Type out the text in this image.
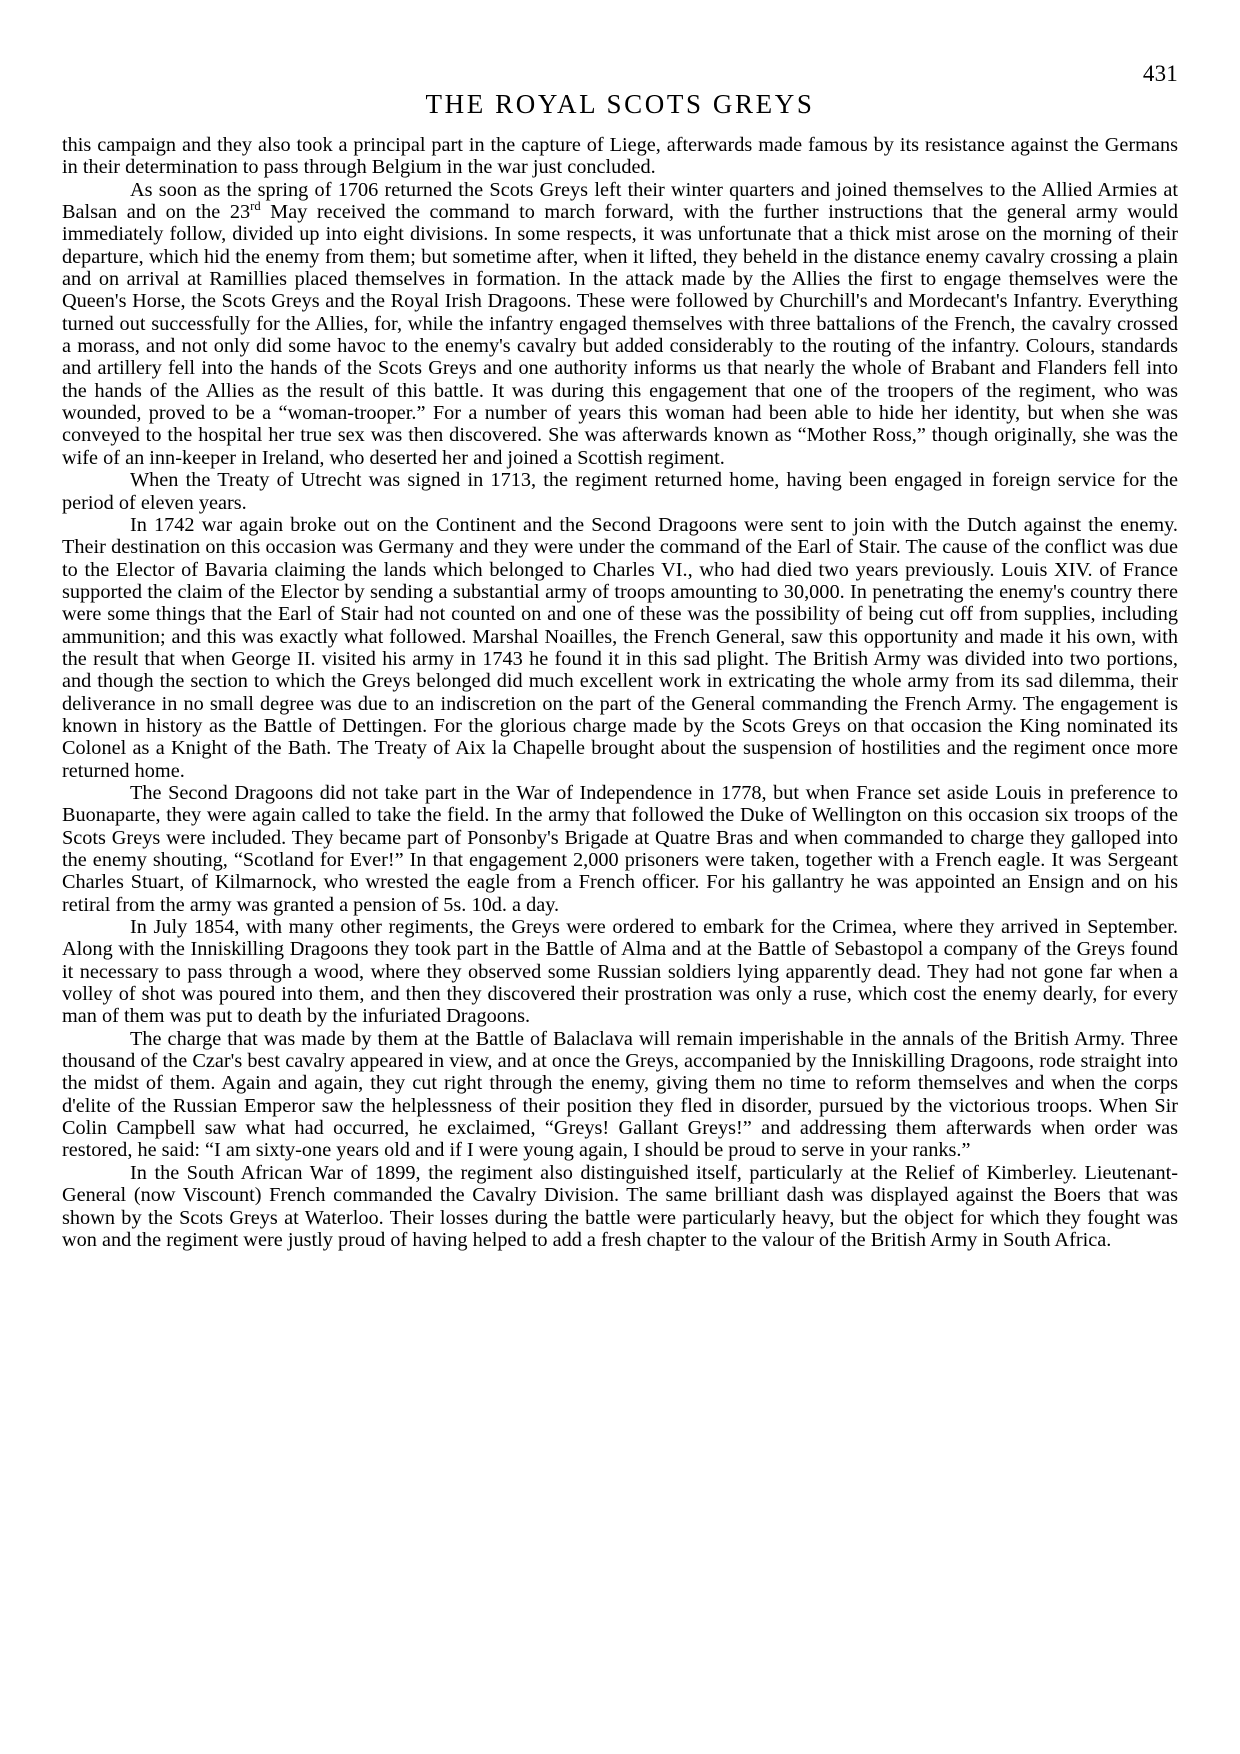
431
THE ROYAL SCOTS GREYS

this campaign and they also took a principal part in the capture of Liege, afterwards made famous by its resistance against the Germans in their determination to pass through Belgium in the war just concluded.

As soon as the spring of 1706 returned the Scots Greys left their winter quarters and joined themselves to the Allied Armies at Balsan and on the 23rd May received the command to march forward, with the further instructions that the general army would immediately follow, divided up into eight divisions. In some respects, it was unfortunate that a thick mist arose on the morning of their departure, which hid the enemy from them; but sometime after, when it lifted, they beheld in the distance enemy cavalry crossing a plain and on arrival at Ramillies placed themselves in formation. In the attack made by the Allies the first to engage themselves were the Queen's Horse, the Scots Greys and the Royal Irish Dragoons. These were followed by Churchill's and Mordecant's Infantry. Everything turned out successfully for the Allies, for, while the infantry engaged themselves with three battalions of the French, the cavalry crossed a morass, and not only did some havoc to the enemy's cavalry but added considerably to the routing of the infantry. Colours, standards and artillery fell into the hands of the Scots Greys and one authority informs us that nearly the whole of Brabant and Flanders fell into the hands of the Allies as the result of this battle. It was during this engagement that one of the troopers of the regiment, who was wounded, proved to be a “woman-trooper.” For a number of years this woman had been able to hide her identity, but when she was conveyed to the hospital her true sex was then discovered. She was afterwards known as “Mother Ross,” though originally, she was the wife of an inn-keeper in Ireland, who deserted her and joined a Scottish regiment.

When the Treaty of Utrecht was signed in 1713, the regiment returned home, having been engaged in foreign service for the period of eleven years.

In 1742 war again broke out on the Continent and the Second Dragoons were sent to join with the Dutch against the enemy. Their destination on this occasion was Germany and they were under the command of the Earl of Stair. The cause of the conflict was due to the Elector of Bavaria claiming the lands which belonged to Charles VI., who had died two years previously. Louis XIV. of France supported the claim of the Elector by sending a substantial army of troops amounting to 30,000. In penetrating the enemy's country there were some things that the Earl of Stair had not counted on and one of these was the possibility of being cut off from supplies, including ammunition; and this was exactly what followed. Marshal Noailles, the French General, saw this opportunity and made it his own, with the result that when George II. visited his army in 1743 he found it in this sad plight. The British Army was divided into two portions, and though the section to which the Greys belonged did much excellent work in extricating the whole army from its sad dilemma, their deliverance in no small degree was due to an indiscretion on the part of the General commanding the French Army. The engagement is known in history as the Battle of Dettingen. For the glorious charge made by the Scots Greys on that occasion the King nominated its Colonel as a Knight of the Bath. The Treaty of Aix la Chapelle brought about the suspension of hostilities and the regiment once more returned home.

The Second Dragoons did not take part in the War of Independence in 1778, but when France set aside Louis in preference to Buonaparte, they were again called to take the field. In the army that followed the Duke of Wellington on this occasion six troops of the Scots Greys were included. They became part of Ponsonby's Brigade at Quatre Bras and when commanded to charge they galloped into the enemy shouting, “Scotland for Ever!” In that engagement 2,000 prisoners were taken, together with a French eagle. It was Sergeant Charles Stuart, of Kilmarnock, who wrested the eagle from a French officer. For his gallantry he was appointed an Ensign and on his retiral from the army was granted a pension of 5s. 10d. a day.

In July 1854, with many other regiments, the Greys were ordered to embark for the Crimea, where they arrived in September. Along with the Inniskilling Dragoons they took part in the Battle of Alma and at the Battle of Sebastopol a company of the Greys found it necessary to pass through a wood, where they observed some Russian soldiers lying apparently dead. They had not gone far when a volley of shot was poured into them, and then they discovered their prostration was only a ruse, which cost the enemy dearly, for every man of them was put to death by the infuriated Dragoons.

The charge that was made by them at the Battle of Balaclava will remain imperishable in the annals of the British Army. Three thousand of the Czar's best cavalry appeared in view, and at once the Greys, accompanied by the Inniskilling Dragoons, rode straight into the midst of them. Again and again, they cut right through the enemy, giving them no time to reform themselves and when the corps d'elite of the Russian Emperor saw the helplessness of their position they fled in disorder, pursued by the victorious troops. When Sir Colin Campbell saw what had occurred, he exclaimed, “Greys! Gallant Greys!” and addressing them afterwards when order was restored, he said: “I am sixty-one years old and if I were young again, I should be proud to serve in your ranks.”

In the South African War of 1899, the regiment also distinguished itself, particularly at the Relief of Kimberley. Lieutenant-General (now Viscount) French commanded the Cavalry Division. The same brilliant dash was displayed against the Boers that was shown by the Scots Greys at Waterloo. Their losses during the battle were particularly heavy, but the object for which they fought was won and the regiment were justly proud of having helped to add a fresh chapter to the valour of the British Army in South Africa.
